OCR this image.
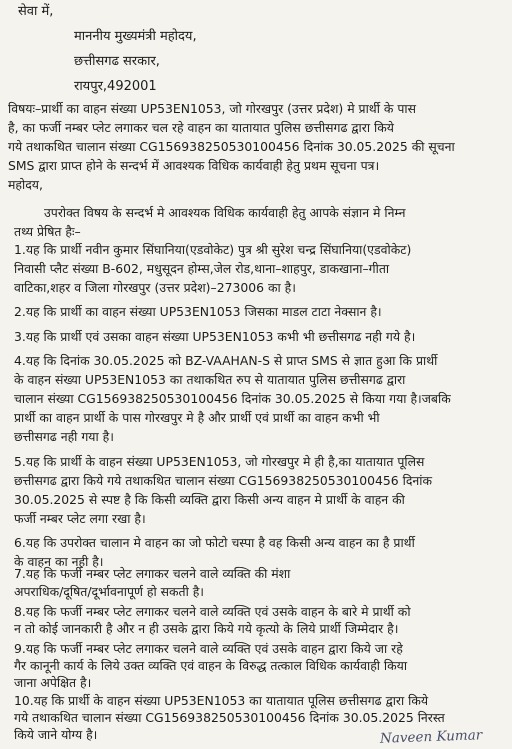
सेवा में,

माननीय मुख्यमंत्री महोदय,

छत्तीसगढ सरकार,

रायपुर,492001

विषयः–प्रार्थी का वाहन संख्या UP53EN1053, जो गोरखपुर (उत्तर प्रदेश) मे प्रार्थी के पास

है, का फर्जी नम्बर प्लेट लगाकर चल रहे वाहन का यातायात पुलिस छत्तीसगढ द्वारा किये

गये तथाकथित चालान संख्या CG156938250530100456 दिनांक 30.05.2025 की सूचना

SMS द्वारा प्राप्त होने के सन्दर्भ में आवश्यक विधिक कार्यवाही हेतु प्रथम सूचना पत्र।

महोदय,

उपरोक्त विषय के सन्दर्भ मे आवश्यक विधिक कार्यवाही हेतु आपके संज्ञान मे निम्न

तथ्य प्रेषित हैः–

1.यह कि प्रार्थी नवीन कुमार सिंघानिया(एडवोकेट) पुत्र श्री सुरेश चन्द्र सिंघानिया(एडवोकेट)

निवासी प्लैट संख्या B-602, मधुसूदन होम्स,जेल रोड,थाना–शाहपुर, डाकखाना–गीता

वाटिका,शहर व जिला गोरखपुर (उत्तर प्रदेश)–273006 का है।

2.यह कि प्रार्थी का वाहन संख्या UP53EN1053 जिसका माडल टाटा नेक्सान है।

3.यह कि प्रार्थी एवं उसका वाहन संख्या UP53EN1053 कभी भी छत्तीसगढ नही गये है।

4.यह कि दिनांक 30.05.2025 को BZ-VAAHAN-S से प्राप्त SMS से ज्ञात हुआ कि प्रार्थी

के वाहन संख्या UP53EN1053 का तथाकथित रुप से यातायात पुलिस छत्तीसगढ द्वारा

चालान संख्या CG156938250530100456 दिनांक 30.05.2025 से किया गया है।जबकि

प्रार्थी का वाहन प्रार्थी के पास गोरखपुर मे है और प्रार्थी एवं प्रार्थी का वाहन कभी भी

छत्तीसगढ नही गया है।

5.यह कि प्रार्थी के वाहन संख्या UP53EN1053, जो गोरखपुर मे ही है,का यातायात पूलिस

छत्तीसगढ द्वारा किये गये तथाकथित चालान संख्या CG156938250530100456 दिनांक

30.05.2025 से स्पष्ट है कि किसी व्यक्ति द्वारा किसी अन्य वाहन मे प्रार्थी के वाहन की

फर्जी नम्बर प्लेट लगा रखा है।

6.यह कि उपरोक्त चालान मे वाहन का जो फोटो चस्पा है वह किसी अन्य वाहन का है प्रार्थी

के वाहन का नही है।

7.यह कि फर्जी नम्बर प्लेट लगाकर चलने वाले व्यक्ति की मंशा

अपराधिक/दूषित/दूर्भावनापूर्ण हो सकती है।

8.यह कि फर्जी नम्बर प्लेट लगाकर चलने वाले व्यक्ति एवं उसके वाहन के बारे मे प्रार्थी को

न तो कोई जानकारी है और न ही उसके द्वारा किये गये कृत्यो के लिये प्रार्थी जिम्मेदार है।

9.यह कि फर्जी नम्बर प्लेट लगाकर चलने वाले व्यक्ति एवं उसके वाहन द्वारा किये जा रहे

गैर कानूनी कार्य के लिये उक्त व्यक्ति एवं वाहन के विरुद्ध तत्काल विधिक कार्यवाही किया

जाना अपेक्षित है।

Naveen Kumar

10.यह कि प्रार्थी के वाहन संख्या UP53EN1053 का यातायात पूलिस छत्तीसगढ द्वारा किये

गये तथाकथित चालान संख्या CG156938250530100456 दिनांक 30.05.2025 निरस्त

किये जाने योग्य है।
